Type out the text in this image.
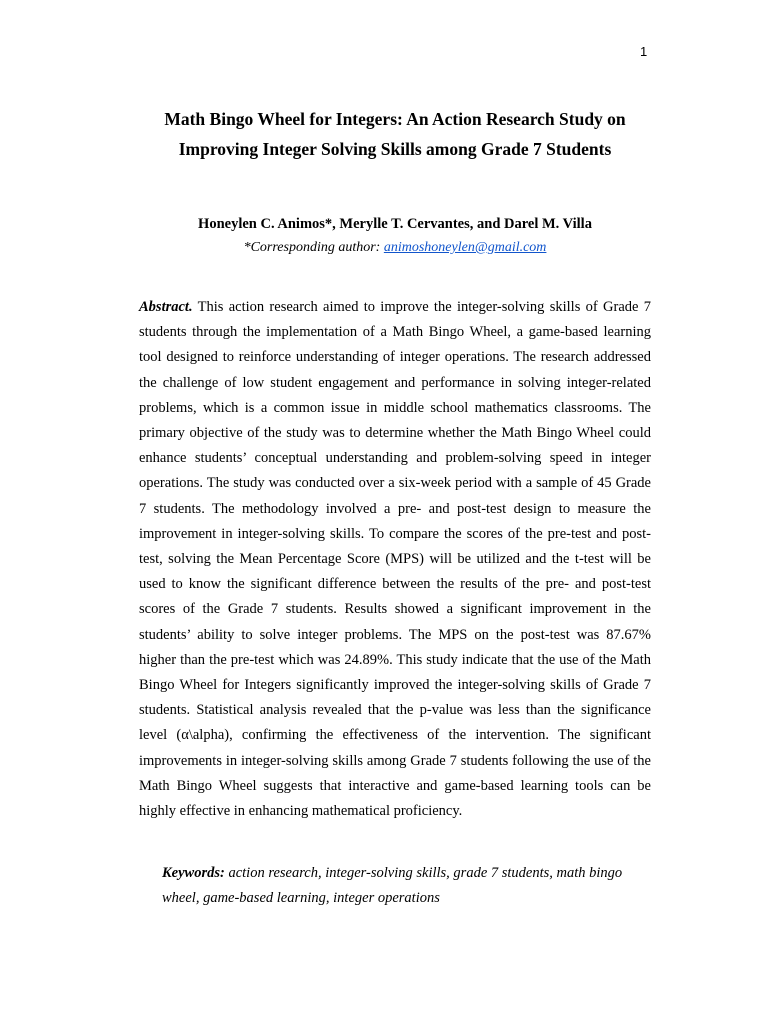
1
Math Bingo Wheel for Integers: An Action Research Study on
Improving Integer Solving Skills among Grade 7 Students
Honeylen C. Animos*, Merylle T. Cervantes, and Darel M. Villa
*Corresponding author: animoshoneylen@gmail.com
Abstract. This action research aimed to improve the integer-solving skills of Grade 7 students through the implementation of a Math Bingo Wheel, a game-based learning tool designed to reinforce understanding of integer operations. The research addressed the challenge of low student engagement and performance in solving integer-related problems, which is a common issue in middle school mathematics classrooms. The primary objective of the study was to determine whether the Math Bingo Wheel could enhance students’ conceptual understanding and problem-solving speed in integer operations. The study was conducted over a six-week period with a sample of 45 Grade 7 students. The methodology involved a pre- and post-test design to measure the improvement in integer-solving skills. To compare the scores of the pre-test and post-test, solving the Mean Percentage Score (MPS) will be utilized and the t-test will be used to know the significant difference between the results of the pre- and post-test scores of the Grade 7 students. Results showed a significant improvement in the students’ ability to solve integer problems. The MPS on the post-test was 87.67% higher than the pre-test which was 24.89%. This study indicate that the use of the Math Bingo Wheel for Integers significantly improved the integer-solving skills of Grade 7 students. Statistical analysis revealed that the p-value was less than the significance level (α\alpha), confirming the effectiveness of the intervention. The significant improvements in integer-solving skills among Grade 7 students following the use of the Math Bingo Wheel suggests that interactive and game-based learning tools can be highly effective in enhancing mathematical proficiency.
Keywords: action research, integer-solving skills, grade 7 students, math bingo wheel, game-based learning, integer operations
